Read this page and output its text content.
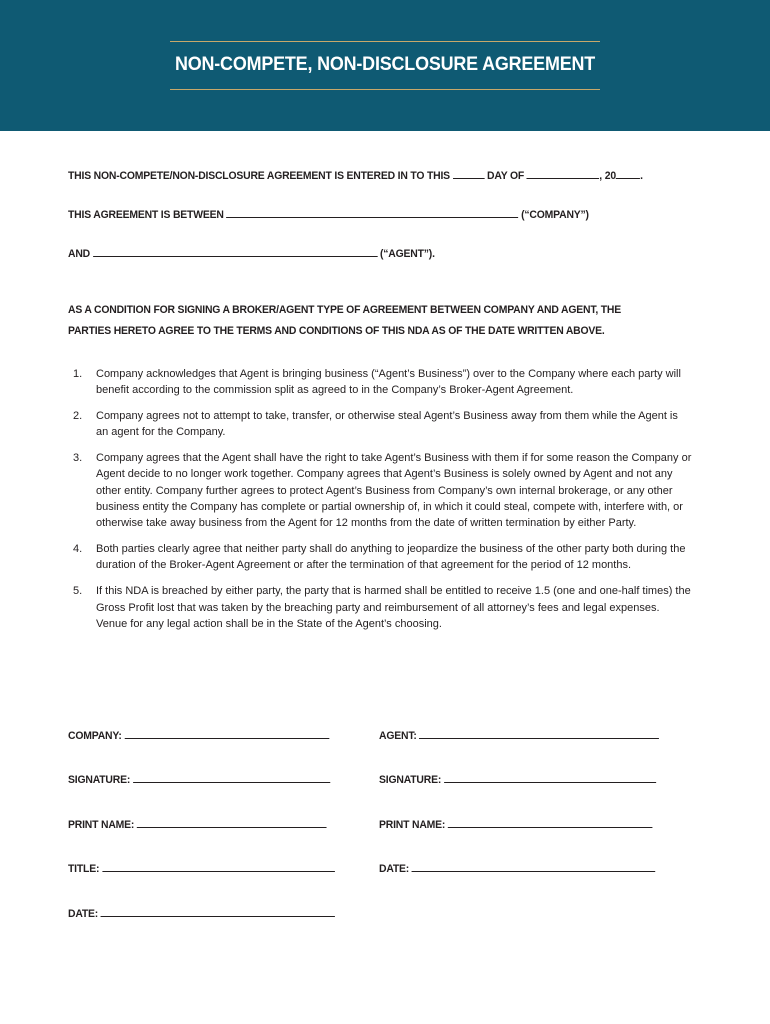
NON-COMPETE, NON-DISCLOSURE AGREEMENT
THIS NON-COMPETE/NON-DISCLOSURE AGREEMENT IS ENTERED IN TO THIS	DAY OF	, 20 .
THIS AGREEMENT IS BETWEEN	(“COMPANY”)
AND	(“AGENT”).
AS A CONDITION FOR SIGNING A BROKER/AGENT TYPE OF AGREEMENT BETWEEN COMPANY AND AGENT, THE PARTIES HERETO AGREE TO THE TERMS AND CONDITIONS OF THIS NDA AS OF THE DATE WRITTEN ABOVE.
1. Company acknowledges that Agent is bringing business (“Agent’s Business”) over to the Company where each party will benefit according to the commission split as agreed to in the Company’s Broker-Agent Agreement.
2. Company agrees not to attempt to take, transfer, or otherwise steal Agent’s Business away from them while the Agent is an agent for the Company.
3. Company agrees that the Agent shall have the right to take Agent’s Business with them if for some reason the Company or Agent decide to no longer work together. Company agrees that Agent’s Business is solely owned by Agent and not any other entity. Company further agrees to protect Agent’s Business from Company’s own internal brokerage, or any other business entity the Company has complete or partial ownership of, in which it could steal, compete with, interfere with, or otherwise take away business from the Agent for 12 months from the date of written termination by either Party.
4. Both parties clearly agree that neither party shall do anything to jeopardize the business of the other party both during the duration of the Broker-Agent Agreement or after the termination of that agreement for the period of 12 months.
5. If this NDA is breached by either party, the party that is harmed shall be entitled to receive 1.5 (one and one-half times) the Gross Profit lost that was taken by the breaching party and reimbursement of all attorney’s fees and legal expenses. Venue for any legal action shall be in the State of the Agent’s choosing.
COMPANY:
SIGNATURE:
PRINT NAME:
TITLE:
DATE:
AGENT:
SIGNATURE:
PRINT NAME:
DATE:
